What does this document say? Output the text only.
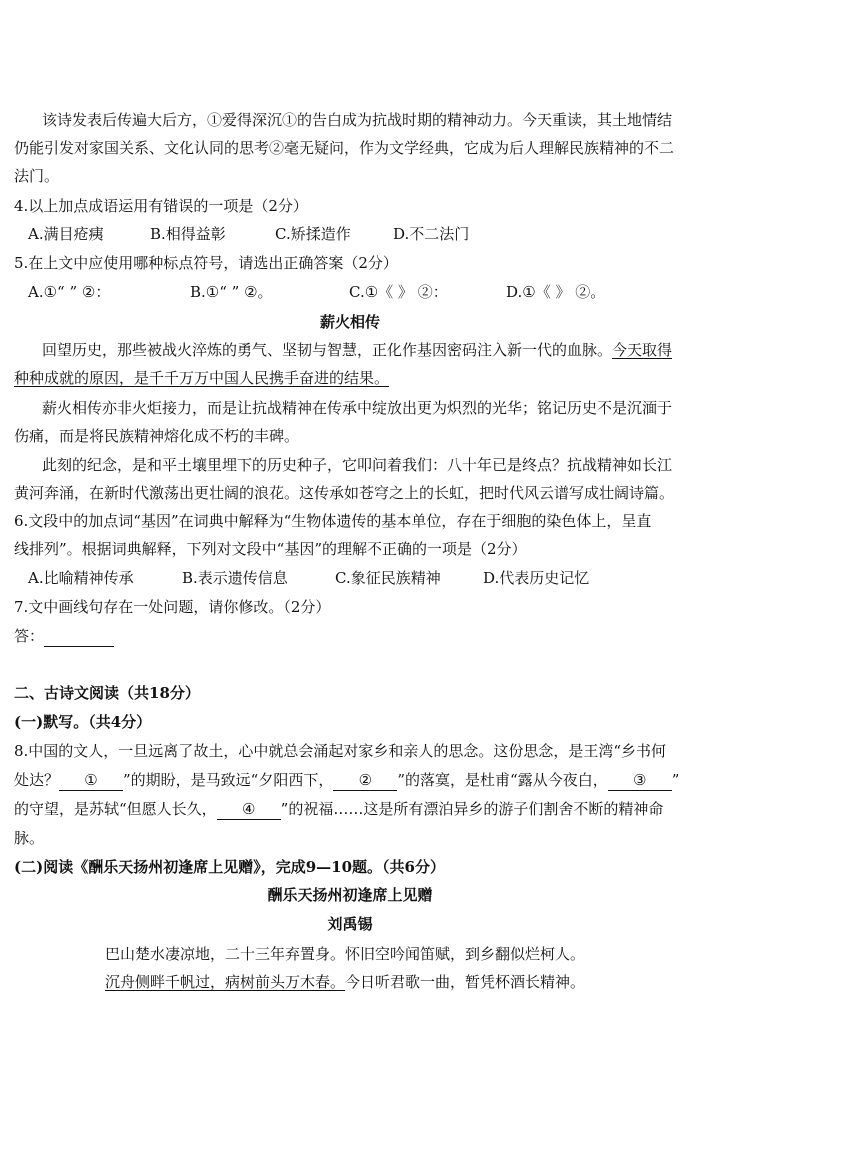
该诗发表后传遍大后方，①爱得深沉①的告白成为抗战时期的精神动力。今天重读，其土地情结
仍能引发对家国关系、文化认同的思考②毫无疑问，作为文学经典，它成为后人理解民族精神的不二
法门。
4.以上加点成语运用有错误的一项是（2分）
A.满目疮痍	B.相得益彰	C.矫揉造作	D.不二法门
5.在上文中应使用哪种标点符号，请选出正确答案（2分）
A.①“ ” ②：	B.①“ ” ②。	C.①《 》 ②：	D.①《 》 ②。
薪火相传
回望历史，那些被战火淬炼的勇气、坚韧与智慧，正化作基因密码注入新一代的血脉。今天取得
种种成就的原因，是千千万万中国人民携手奋进的结果。
薪火相传亦非火炬接力，而是让抗战精神在传承中绽放出更为炽烈的光华；铭记历史不是沉湎于
伤痛，而是将民族精神熔化成不朽的丰碑。
此刻的纪念，是和平土壤里埋下的历史种子，它叩问着我们：八十年已是终点？抗战精神如长江
黄河奔涌，在新时代激荡出更壮阔的浪花。这传承如苍穹之上的长虹，把时代风云谱写成壮阔诗篇。
6.文段中的加点词“基因”在词典中解释为“生物体遗传的基本单位，存在于细胞的染色体上，呈直
线排列”。根据词典解释，下列对文段中“基因”的理解不正确的一项是（2分）
A.比喻精神传承	B.表示遗传信息	C.象征民族精神	D.代表历史记忆
7.文中画线句存在一处问题，请你修改。（2分）
答：
二、古诗文阅读（共18分）
(一)默写。（共4分）
8.中国的文人，一旦远离了故土，心中就总会涌起对家乡和亲人的思念。这份思念，是王湾“乡书何
处达？ ① ”的期盼，是马致远“夕阳西下， ② ”的落寞，是杜甫“露从今夜白， ③ ”
的守望，是苏轼“但愿人长久， ④ ”的祝福……这是所有漂泊异乡的游子们割舍不断的精神命
脉。
(二)阅读《酬乐天扬州初逢席上见赠》，完成9—10题。（共6分）
酬乐天扬州初逢席上见赠
刘禹锡
巴山楚水凄凉地，二十三年弃置身。怀旧空吟闻笛赋，到乡翻似烂柯人。
沉舟侧畔千帆过，病树前头万木春。今日听君歌一曲，暂凭杯酒长精神。
